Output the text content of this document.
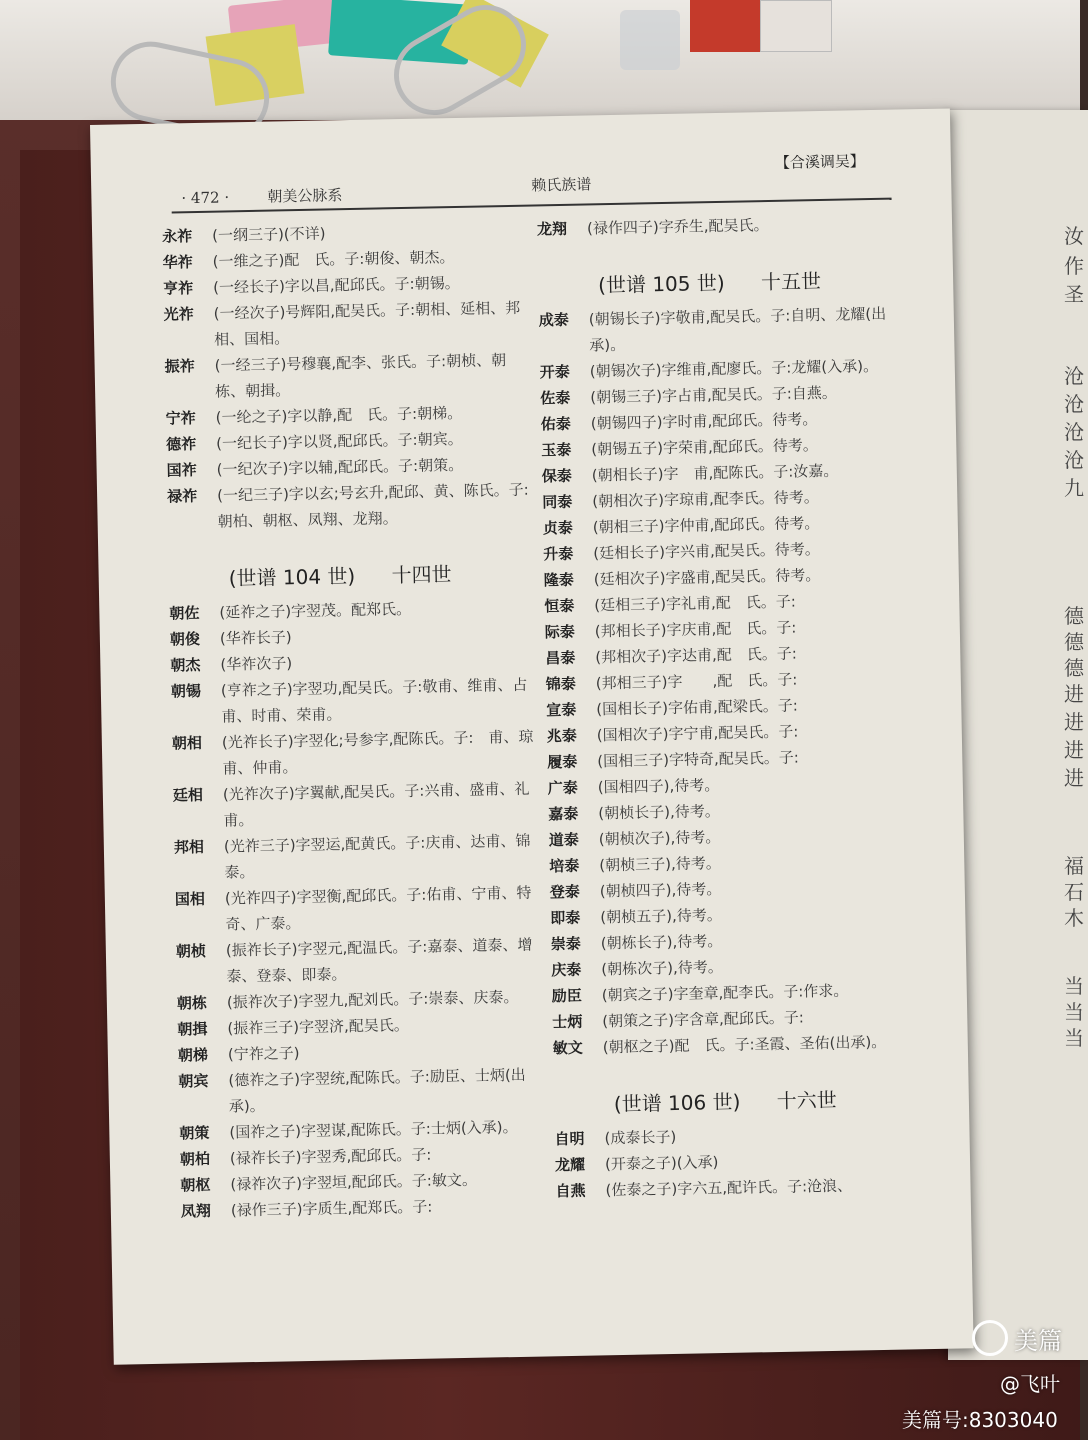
汝
作
圣
沧
沧
沧
沧
九
德
德
德
进
进
进
进
福
石
木
当
当
当
· 472 ·	朝美公脉系
赖氏族谱
【合溪调吴】
永祚	(一纲三子)(不详)
华祚	(一维之子)配　氏。子:朝俊、朝杰。
亨祚	(一经长子)字以昌,配邱氏。子:朝锡。
光祚	(一经次子)号辉阳,配吴氏。子:朝相、延相、邦相、国相。
振祚	(一经三子)号穆襄,配李、张氏。子:朝桢、朝栋、朝揖。
宁祚	(一纶之子)字以静,配　氏。子:朝梯。
德祚	(一纪长子)字以贤,配邱氏。子:朝宾。
国祚	(一纪次子)字以辅,配邱氏。子:朝策。
禄祚	(一纪三子)字以玄;号玄升,配邱、黄、陈氏。子:朝柏、朝枢、凤翔、龙翔。
(世谱 104 世) 十四世
朝佐	(延祚之子)字翌茂。配郑氏。
朝俊	(华祚长子)
朝杰	(华祚次子)
朝锡	(亨祚之子)字翌功,配吴氏。子:敬甫、维甫、占甫、时甫、荣甫。
朝相	(光祚长子)字翌化;号参字,配陈氏。子:　甫、琼甫、仲甫。
廷相	(光祚次子)字翼献,配吴氏。子:兴甫、盛甫、礼甫。
邦相	(光祚三子)字翌运,配黄氏。子:庆甫、达甫、锦泰。
国相	(光祚四子)字翌衡,配邱氏。子:佑甫、宁甫、特奇、广泰。
朝桢	(振祚长子)字翌元,配温氏。子:嘉泰、道泰、增泰、登泰、即泰。
朝栋	(振祚次子)字翌九,配刘氏。子:崇泰、庆泰。
朝揖	(振祚三子)字翌济,配吴氏。
朝梯	(宁祚之子)
朝宾	(德祚之子)字翌统,配陈氏。子:励臣、士炳(出承)。
朝策	(国祚之子)字翌谋,配陈氏。子:士炳(入承)。
朝柏	(禄祚长子)字翌秀,配邱氏。子:
朝枢	(禄祚次子)字翌垣,配邱氏。子:敏文。
凤翔	(禄作三子)字质生,配郑氏。子:
龙翔	(禄作四子)字乔生,配吴氏。
(世谱 105 世) 十五世
成泰	(朝锡长子)字敬甫,配吴氏。子:自明、龙耀(出承)。
开泰	(朝锡次子)字维甫,配廖氏。子:龙耀(入承)。
佐泰	(朝锡三子)字占甫,配吴氏。子:自燕。
佑泰	(朝锡四子)字时甫,配邱氏。待考。
玉泰	(朝锡五子)字荣甫,配邱氏。待考。
保泰	(朝相长子)字　甫,配陈氏。子:汝嘉。
同泰	(朝相次子)字琼甫,配李氏。待考。
贞泰	(朝相三子)字仲甫,配邱氏。待考。
升泰	(廷相长子)字兴甫,配吴氏。待考。
隆泰	(廷相次子)字盛甫,配吴氏。待考。
恒泰	(廷相三子)字礼甫,配　氏。子:
际泰	(邦相长子)字庆甫,配　氏。子:
昌泰	(邦相次子)字达甫,配　氏。子:
锦泰	(邦相三子)字　　,配　氏。子:
宣泰	(国相长子)字佑甫,配梁氏。子:
兆泰	(国相次子)字宁甫,配吴氏。子:
履泰	(国相三子)字特奇,配吴氏。子:
广泰	(国相四子),待考。
嘉泰	(朝桢长子),待考。
道泰	(朝桢次子),待考。
培泰	(朝桢三子),待考。
登泰	(朝桢四子),待考。
即泰	(朝桢五子),待考。
崇泰	(朝栋长子),待考。
庆泰	(朝栋次子),待考。
励臣	(朝宾之子)字奎章,配李氏。子:作求。
士炳	(朝策之子)字含章,配邱氏。子:
敏文	(朝枢之子)配　氏。子:圣霞、圣佑(出承)。
(世谱 106 世) 十六世
自明	(成泰长子)
龙耀	(开泰之子)(入承)
自燕	(佐泰之子)字六五,配许氏。子:沧浪、
美篇
@飞叶
美篇号:8303040
